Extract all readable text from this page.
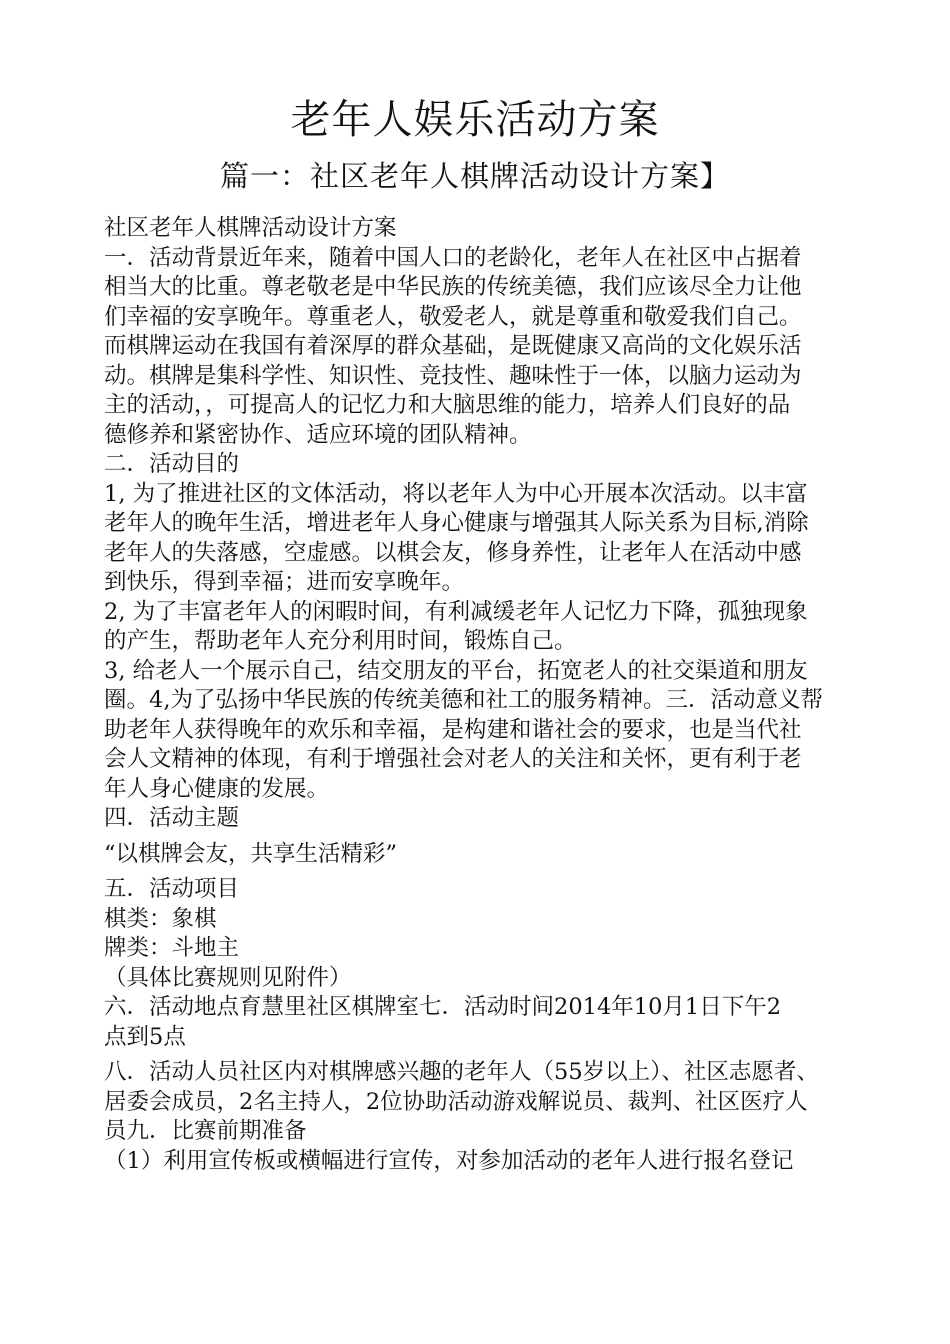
老年人娱乐活动方案
篇一：社区老年人棋牌活动设计方案】
社区老年人棋牌活动设计方案
一．活动背景近年来，随着中国人口的老龄化，老年人在社区中占据着
相当大的比重。尊老敬老是中华民族的传统美德，我们应该尽全力让他
们幸福的安享晚年。尊重老人，敬爱老人，就是尊重和敬爱我们自己。
而棋牌运动在我国有着深厚的群众基础，是既健康又高尚的文化娱乐活
动。棋牌是集科学性、知识性、竞技性、趣味性于一体，以脑力运动为
主的活动，，可提高人的记忆力和大脑思维的能力，培养人们良好的品
德修养和紧密协作、适应环境的团队精神。
二．活动目的
1, 为了推进社区的文体活动，将以老年人为中心开展本次活动。以丰富
老年人的晚年生活，增进老年人身心健康与增强其人际关系为目标,消除
老年人的失落感，空虚感。以棋会友，修身养性，让老年人在活动中感
到快乐，得到幸福；进而安享晚年。
2, 为了丰富老年人的闲暇时间，有利减缓老年人记忆力下降，孤独现象
的产生，帮助老年人充分利用时间，锻炼自己。
3, 给老人一个展示自己，结交朋友的平台，拓宽老人的社交渠道和朋友
圈。4,为了弘扬中华民族的传统美德和社工的服务精神。三．活动意义帮
助老年人获得晚年的欢乐和幸福，是构建和谐社会的要求，也是当代社
会人文精神的体现，有利于增强社会对老人的关注和关怀，更有利于老
年人身心健康的发展。
四．活动主题
“以棋牌会友，共享生活精彩”
五．活动项目
棋类：象棋
牌类：斗地主
（具体比赛规则见附件）
六．活动地点育慧里社区棋牌室七．活动时间2014年10月1日下午2
点到5点
八．活动人员社区内对棋牌感兴趣的老年人（55岁以上）、社区志愿者、
居委会成员，2名主持人，2位协助活动游戏解说员、裁判、社区医疗人
员九．比赛前期准备
（1）利用宣传板或横幅进行宣传，对参加活动的老年人进行报名登记
